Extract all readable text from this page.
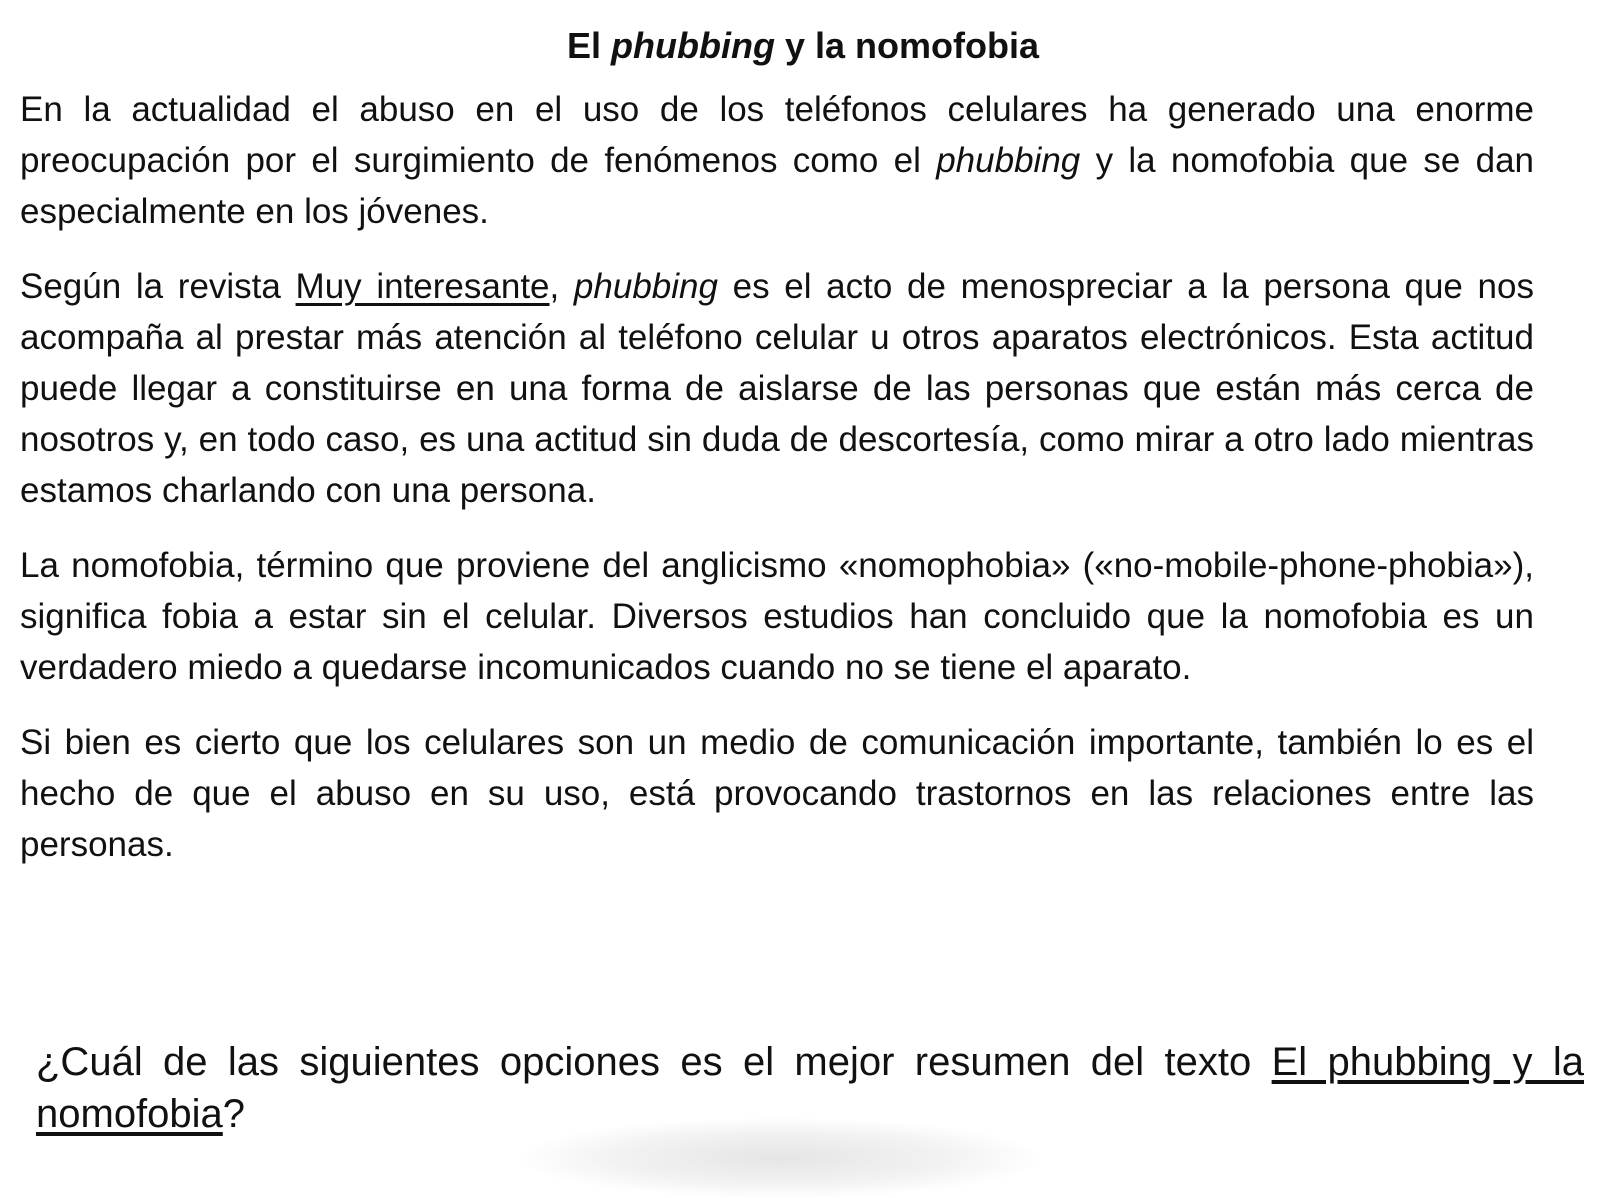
El phubbing y la nomofobia

En la actualidad el abuso en el uso de los teléfonos celulares ha generado una enorme preocupación por el surgimiento de fenómenos como el phubbing y la nomofobia que se dan especialmente en los jóvenes.

Según la revista Muy interesante, phubbing es el acto de menospreciar a la persona que nos acompaña al prestar más atención al teléfono celular u otros aparatos electrónicos. Esta actitud puede llegar a constituirse en una forma de aislarse de las personas que están más cerca de nosotros y, en todo caso, es una actitud sin duda de descortesía, como mirar a otro lado mientras estamos charlando con una persona.

La nomofobia, término que proviene del anglicismo «nomophobia» («no-mobile-phone-phobia»), significa fobia a estar sin el celular. Diversos estudios han concluido que la nomofobia es un verdadero miedo a quedarse incomunicados cuando no se tiene el aparato.

Si bien es cierto que los celulares son un medio de comunicación importante, también lo es el hecho de que el abuso en su uso, está provocando trastornos en las relaciones entre las personas.

¿Cuál de las siguientes opciones es el mejor resumen del texto El phubbing y la nomofobia?
